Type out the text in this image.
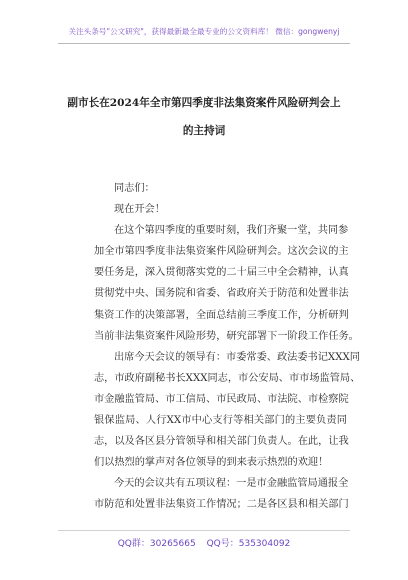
关注头条号"公文研究"，获得最新最全最专业的公文资料库！ 微信：gongwenyj
副市长在2024年全市第四季度非法集资案件风险研判会上
的主持词
同志们：
现在开会！
在这个第四季度的重要时刻，我们齐聚一堂，共同参
加全市第四季度非法集资案件风险研判会。这次会议的主
要任务是，深入贯彻落实党的二十届三中全会精神，认真
贯彻党中央、国务院和省委、省政府关于防范和处置非法
集资工作的决策部署，全面总结前三季度工作，分析研判
当前非法集资案件风险形势，研究部署下一阶段工作任务。
出席今天会议的领导有：市委常委、政法委书记XXX同
志，市政府副秘书长XXX同志，市公安局、市市场监管局、
市金融监管局、市工信局、市民政局、市法院、市检察院
银保监局、人行XX市中心支行等相关部门的主要负责同
志，以及各区县分管领导和相关部门负责人。在此，让我
们以热烈的掌声对各位领导的到来表示热烈的欢迎！
今天的会议共有五项议程：一是市金融监管局通报全
市防范和处置非法集资工作情况；二是各区县和相关部门
QQ群：30265665 QQ号：535304092
